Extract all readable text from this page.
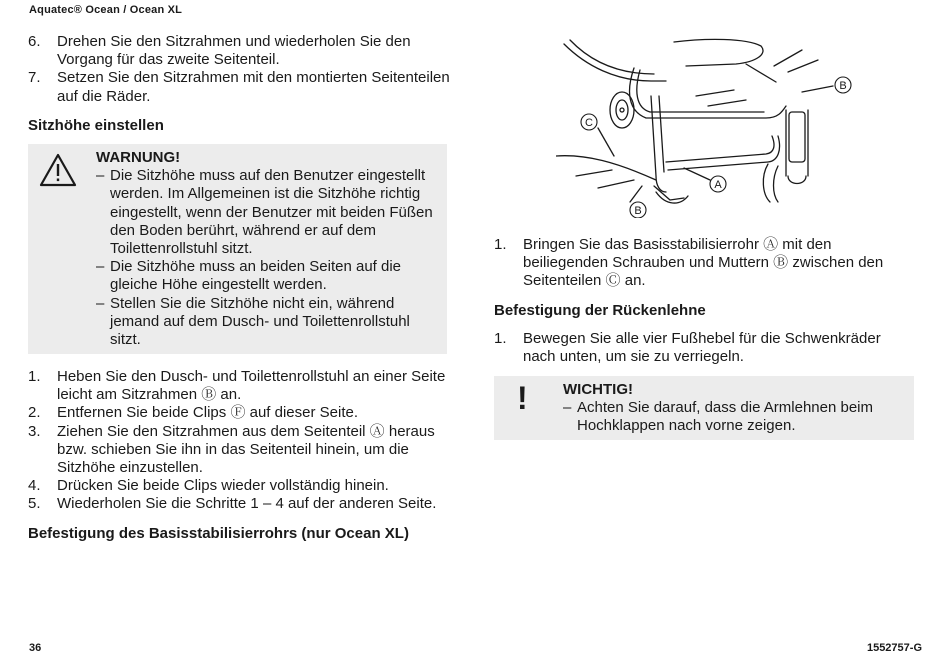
Aquatec® Ocean / Ocean XL
6. Drehen Sie den Sitzrahmen und wiederholen Sie den Vorgang für das zweite Seitenteil.
7. Setzen Sie den Sitzrahmen mit den montierten Seitenteilen auf die Räder.
Sitzhöhe einstellen
WARNUNG!
– Die Sitzhöhe muss auf den Benutzer eingestellt werden. Im Allgemeinen ist die Sitzhöhe richtig eingestellt, wenn der Benutzer mit beiden Füßen den Boden berührt, während er auf dem Toilettenrollstuhl sitzt.
– Die Sitzhöhe muss an beiden Seiten auf die gleiche Höhe eingestellt werden.
– Stellen Sie die Sitzhöhe nicht ein, während jemand auf dem Dusch- und Toilettenrollstuhl sitzt.
1. Heben Sie den Dusch- und Toilettenrollstuhl an einer Seite leicht am Sitzrahmen Ⓑ an.
2. Entfernen Sie beide Clips Ⓕ auf dieser Seite.
3. Ziehen Sie den Sitzrahmen aus dem Seitenteil Ⓐ heraus bzw. schieben Sie ihn in das Seitenteil hinein, um die Sitzhöhe einzustellen.
4. Drücken Sie beide Clips wieder vollständig hinein.
5. Wiederholen Sie die Schritte 1 – 4 auf der anderen Seite.
Befestigung des Basisstabilisierrohrs (nur Ocean XL)
B
C
A
B
1. Bringen Sie das Basisstabilisierrohr Ⓐ mit den beiliegenden Schrauben und Muttern Ⓑ zwischen den Seitenteilen Ⓒ an.
Befestigung der Rückenlehne
1. Bewegen Sie alle vier Fußhebel für die Schwenkräder nach unten, um sie zu verriegeln.
! WICHTIG!
– Achten Sie darauf, dass die Armlehnen beim Hochklappen nach vorne zeigen.
36	1552757-G
